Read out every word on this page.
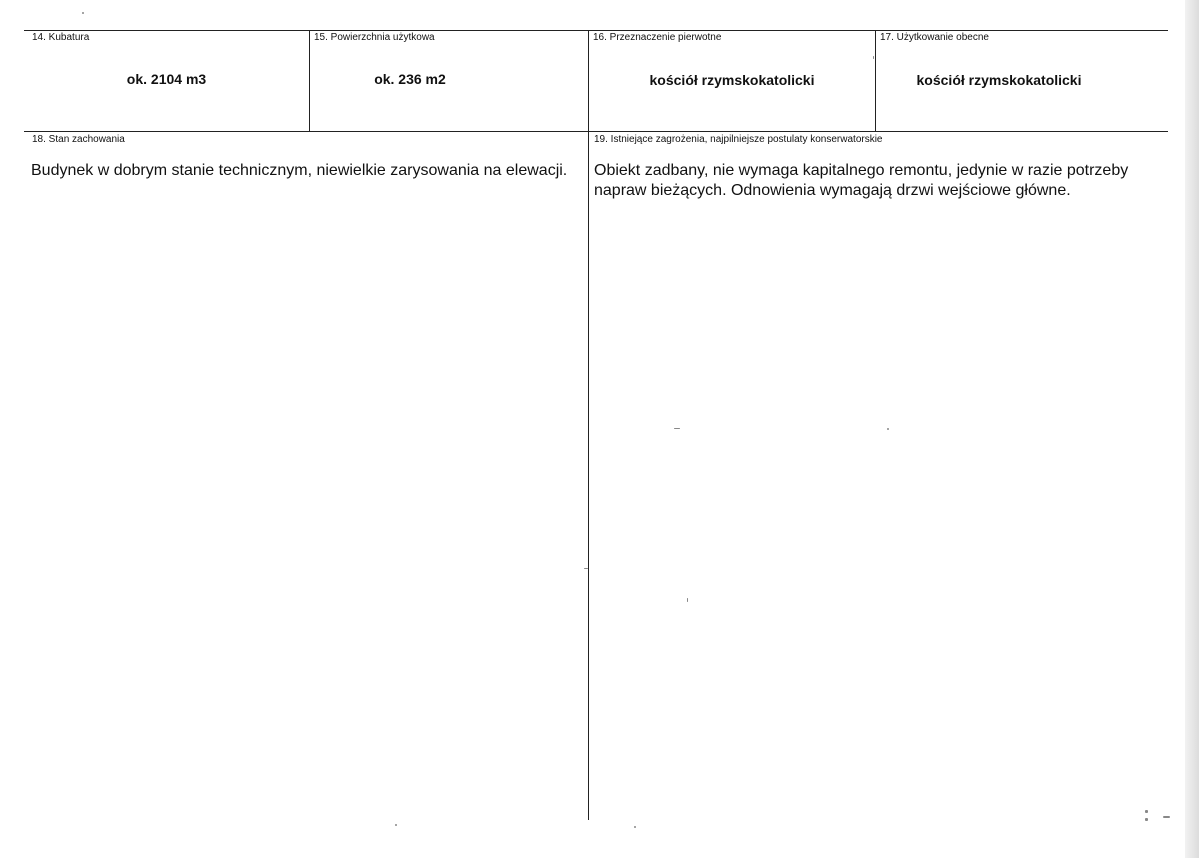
14. Kubatura
ok. 2104 m3
15. Powierzchnia użytkowa
ok. 236 m2
16. Przeznaczenie pierwotne
kościół rzymskokatolicki
17. Użytkowanie obecne
kościół rzymskokatolicki
18. Stan zachowania
Budynek w dobrym stanie technicznym, niewielkie zarysowania na elewacji.
19. Istniejące zagrożenia, najpilniejsze postulaty konserwatorskie
Obiekt zadbany, nie wymaga kapitalnego remontu, jedynie w razie potrzeby
napraw bieżących. Odnowienia wymagają drzwi wejściowe główne.
